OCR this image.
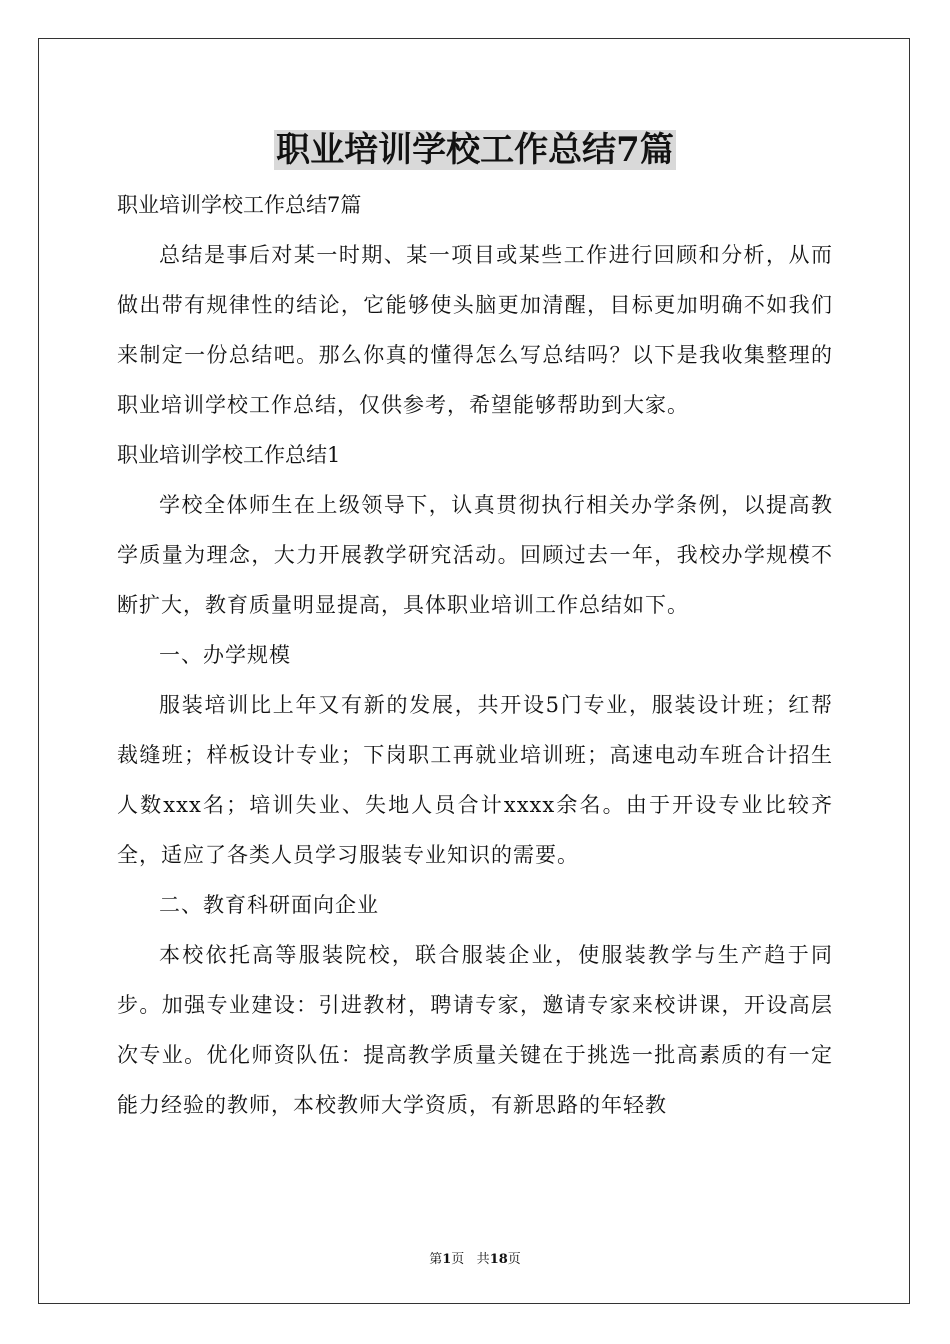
职业培训学校工作总结7篇

职业培训学校工作总结7篇

总结是事后对某一时期、某一项目或某些工作进行回顾和分析，从而做出带有规律性的结论，它能够使头脑更加清醒，目标更加明确不如我们来制定一份总结吧。那么你真的懂得怎么写总结吗？以下是我收集整理的职业培训学校工作总结，仅供参考，希望能够帮助到大家。

职业培训学校工作总结1

学校全体师生在上级领导下，认真贯彻执行相关办学条例，以提高教学质量为理念，大力开展教学研究活动。回顾过去一年，我校办学规模不断扩大，教育质量明显提高，具体职业培训工作总结如下。

一、办学规模

服装培训比上年又有新的发展，共开设5门专业，服装设计班；红帮裁缝班；样板设计专业；下岗职工再就业培训班；高速电动车班合计招生人数xxx名；培训失业、失地人员合计xxxx余名。由于开设专业比较齐全，适应了各类人员学习服装专业知识的需要。

二、教育科研面向企业

本校依托高等服装院校，联合服装企业，使服装教学与生产趋于同步。加强专业建设：引进教材，聘请专家，邀请专家来校讲课，开设高层次专业。优化师资队伍：提高教学质量关键在于挑选一批高素质的有一定能力经验的教师，本校教师大学资质，有新思路的年轻教

第1页 共18页
